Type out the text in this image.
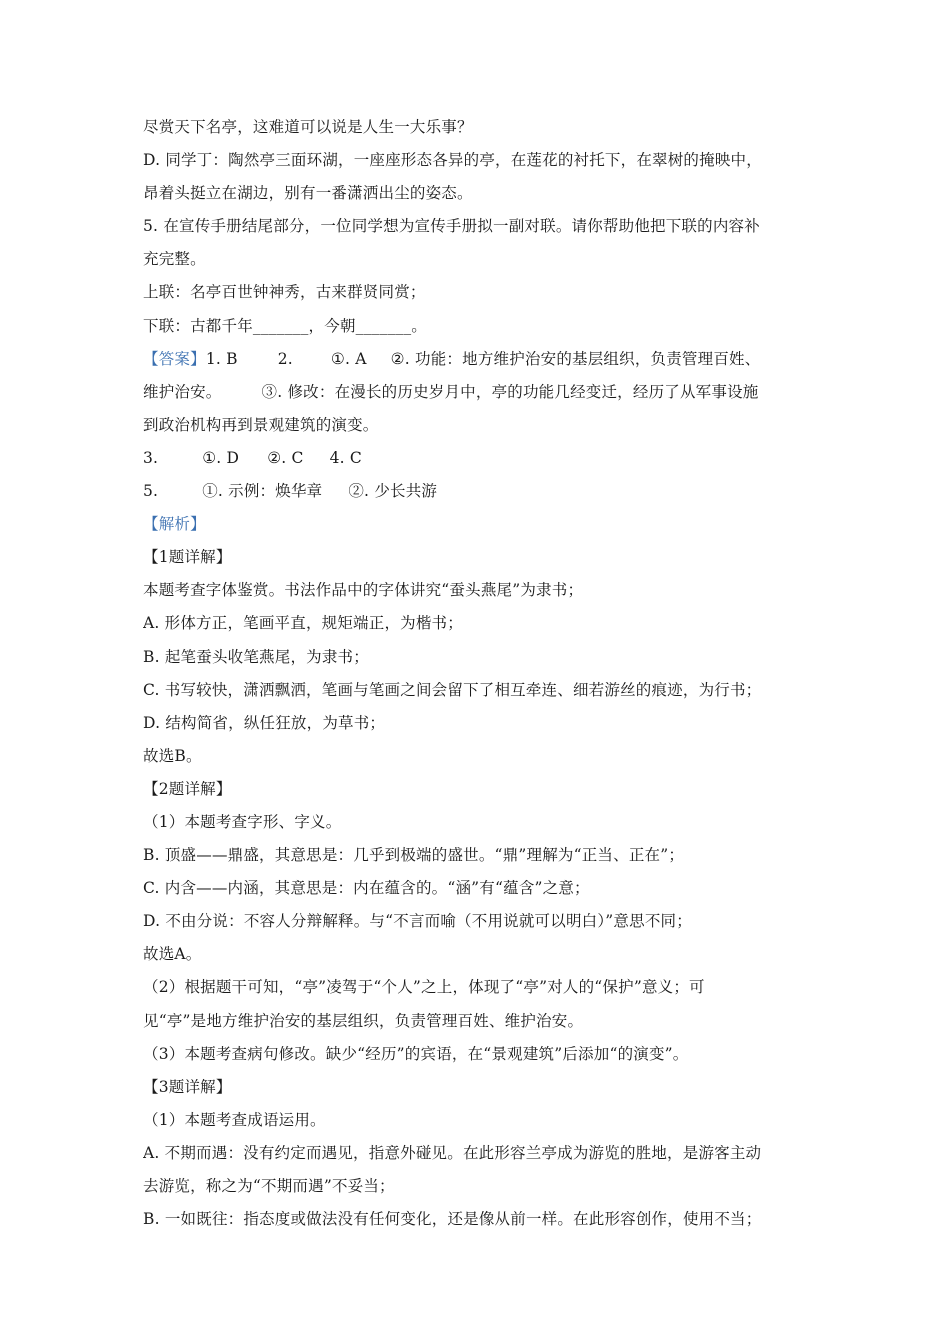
尽赏天下名亭，这难道可以说是人生一大乐事？
D. 同学丁：陶然亭三面环湖，一座座形态各异的亭，在莲花的衬托下，在翠树的掩映中，
昂着头挺立在湖边，别有一番潇洒出尘的姿态。
5. 在宣传手册结尾部分，一位同学想为宣传手册拟一副对联。请你帮助他把下联的内容补
充完整。
上联：名亭百世钟神秀，古来群贤同赏；
下联：古都千年_______，今朝_______。
【答案】1. B	2. ①. A ②. 功能：地方维护治安的基层组织，负责管理百姓、
维护治安。	③. 修改：在漫长的历史岁月中，亭的功能几经变迁，经历了从军事设施
到政治机构再到景观建筑的演变。
3.	①. D ②. C 4. C
5.	①. 示例：焕华章 ②. 少长共游
【解析】
【1题详解】
本题考查字体鉴赏。书法作品中的字体讲究“蚕头燕尾”为隶书；
A. 形体方正，笔画平直，规矩端正，为楷书；
B. 起笔蚕头收笔燕尾，为隶书；
C. 书写较快，潇洒飘洒，笔画与笔画之间会留下了相互牵连、细若游丝的痕迹，为行书；
D. 结构简省，纵任狂放，为草书；
故选B。
【2题详解】
（1）本题考查字形、字义。
B. 顶盛——鼎盛，其意思是：几乎到极端的盛世。“鼎”理解为“正当、正在”；
C. 内含——内涵，其意思是：内在蕴含的。“涵”有“蕴含”之意；
D. 不由分说：不容人分辩解释。与“不言而喻（不用说就可以明白）”意思不同；
故选A。
（2）根据题干可知，“亭”凌驾于“个人”之上，体现了“亭”对人的“保护”意义；可
见“亭”是地方维护治安的基层组织，负责管理百姓、维护治安。
（3）本题考查病句修改。缺少“经历”的宾语，在“景观建筑”后添加“的演变”。
【3题详解】
（1）本题考查成语运用。
A. 不期而遇：没有约定而遇见，指意外碰见。在此形容兰亭成为游览的胜地，是游客主动
去游览，称之为“不期而遇”不妥当；
B. 一如既往：指态度或做法没有任何变化，还是像从前一样。在此形容创作，使用不当；
